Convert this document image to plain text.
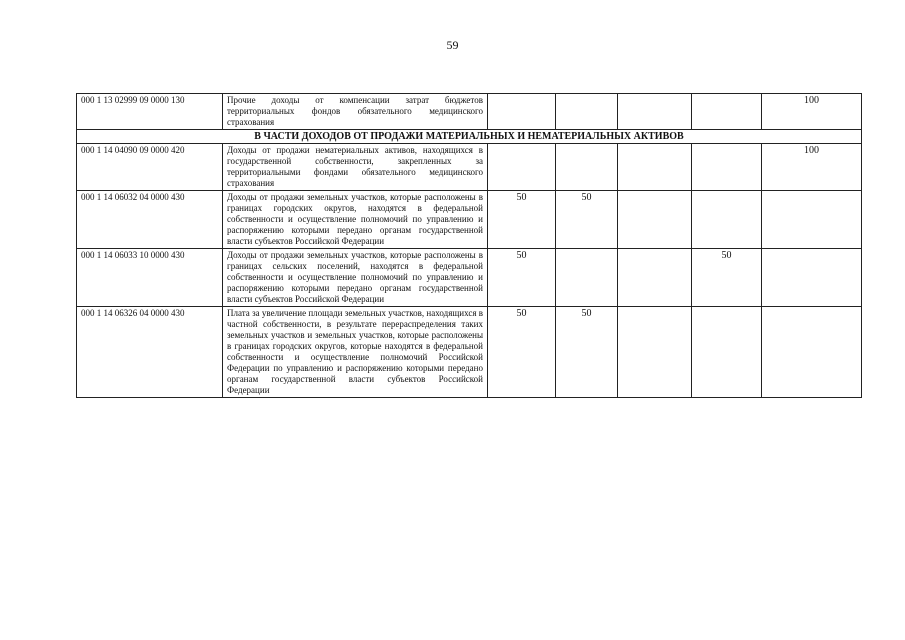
59
000 1 13 02999 09 0000 130	Прочие доходы от компенсации затрат бюджетов территориальных фондов обязательного медицинского страхования					100
В ЧАСТИ ДОХОДОВ ОТ ПРОДАЖИ МАТЕРИАЛЬНЫХ И НЕМАТЕРИАЛЬНЫХ АКТИВОВ						
000 1 14 04090 09 0000 420	Доходы от продажи нематериальных активов, находящихся в государственной собственности, закрепленных за территориальными фондами обязательного медицинского страхования					100
000 1 14 06032 04 0000 430	Доходы от продажи земельных участков, которые расположены в границах городских округов, находятся в федеральной собственности и осуществление полномочий по управлению и распоряжению которыми передано органам государственной власти субъектов Российской Федерации	50	50			
000 1 14 06033 10 0000 430	Доходы от продажи земельных участков, которые расположены в границах сельских поселений, находятся в федеральной собственности и осуществление полномочий по управлению и распоряжению которыми передано органам государственной власти субъектов Российской Федерации	50			50	
000 1 14 06326 04 0000 430	Плата за увеличение площади земельных участков, находящихся в частной собственности, в результате перераспределения таких земельных участков и земельных участков, которые расположены в границах городских округов, которые находятся в федеральной собственности и осуществление полномочий Российской Федерации по управлению и распоряжению которыми передано органам государственной власти субъектов Российской Федерации	50	50			
